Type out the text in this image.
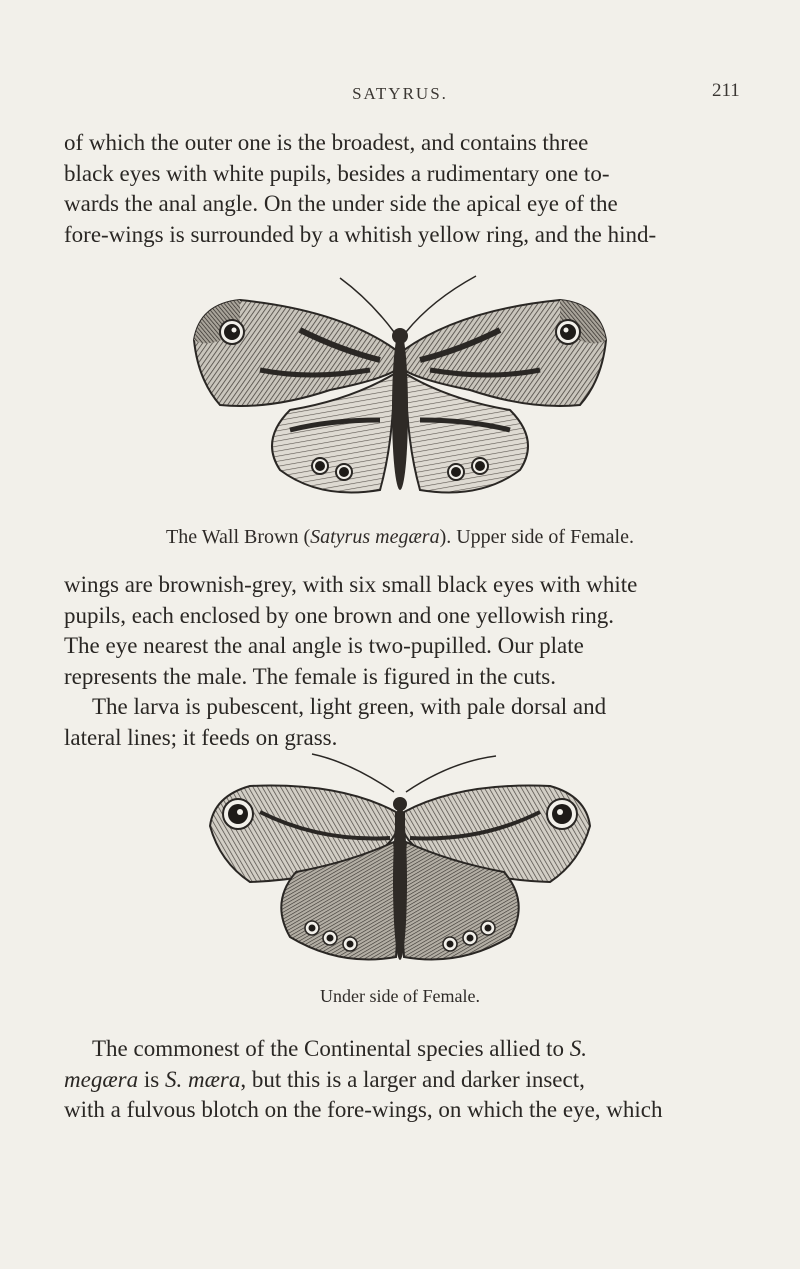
SATYRUS.	211

of which the outer one is the broadest, and contains three
black eyes with white pupils, besides a rudimentary one to-
wards the anal angle. On the under side the apical eye of the
fore-wings is surrounded by a whitish yellow ring, and the hind-

The Wall Brown (Satyrus megæra). Upper side of Female.

wings are brownish-grey, with six small black eyes with white
pupils, each enclosed by one brown and one yellowish ring.
The eye nearest the anal angle is two-pupilled. Our plate
represents the male. The female is figured in the cuts.

The larva is pubescent, light green, with pale dorsal and
lateral lines; it feeds on grass.

Under side of Female.

The commonest of the Continental species allied to S.
megæra is S. mæra, but this is a larger and darker insect,
with a fulvous blotch on the fore-wings, on which the eye, which
